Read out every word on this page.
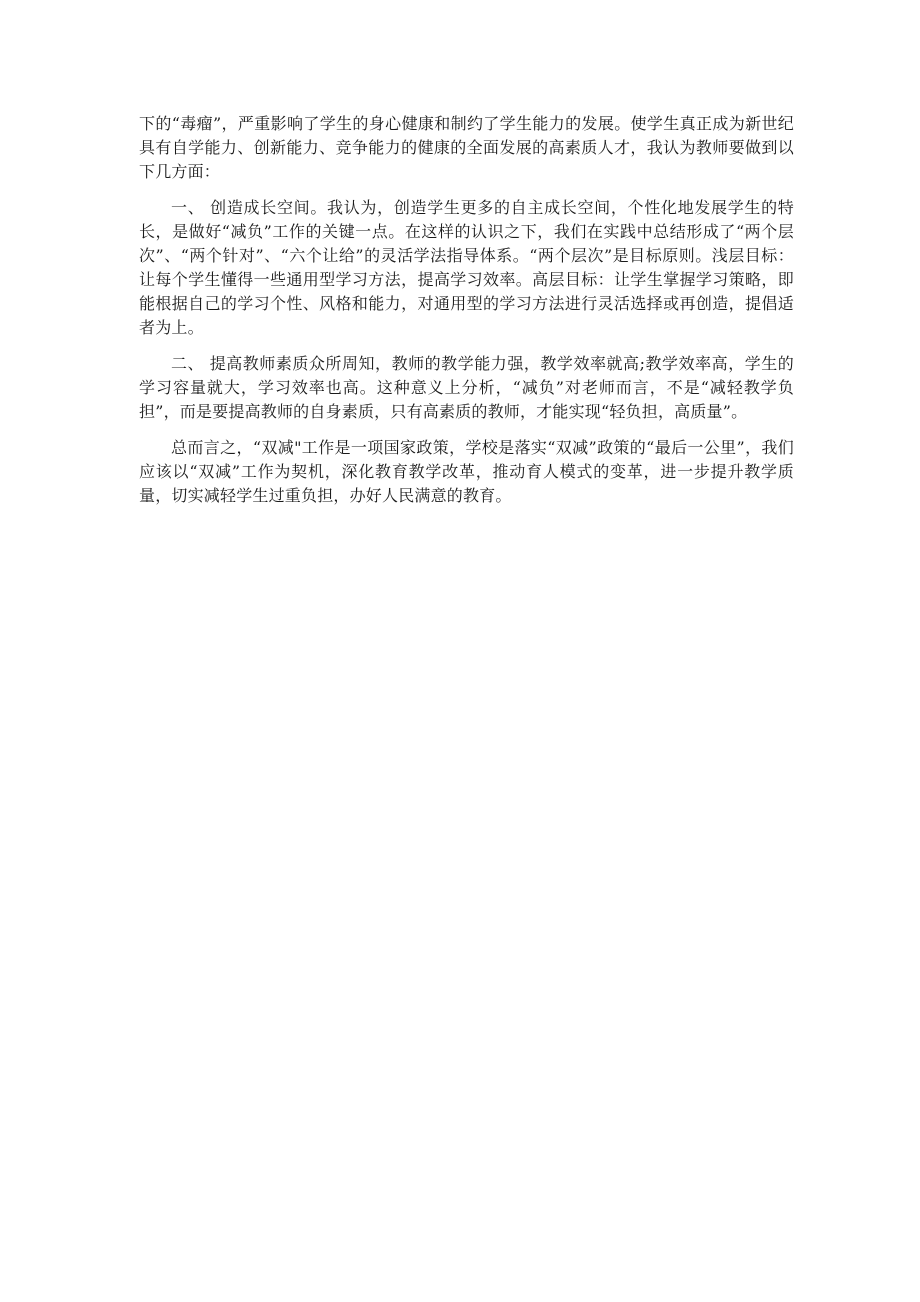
下的“毒瘤”，严重影响了学生的身心健康和制约了学生能力的发展。使学生真正成为新世纪具有自学能力、创新能力、竞争能力的健康的全面发展的高素质人才，我认为教师要做到以下几方面：

一、 创造成长空间。我认为，创造学生更多的自主成长空间，个性化地发展学生的特长，是做好“减负”工作的关键一点。在这样的认识之下，我们在实践中总结形成了“两个层次”、“两个针对”、“六个让给”的灵活学法指导体系。“两个层次”是目标原则。浅层目标：让每个学生懂得一些通用型学习方法，提高学习效率。高层目标：让学生掌握学习策略，即能根据自己的学习个性、风格和能力，对通用型的学习方法进行灵活选择或再创造，提倡适者为上。

二、 提高教师素质众所周知，教师的教学能力强，教学效率就高;教学效率高，学生的学习容量就大，学习效率也高。这种意义上分析，“减负”对老师而言，不是“减轻教学负担”，而是要提高教师的自身素质，只有高素质的教师，才能实现“轻负担，高质量”。

总而言之，“双减"工作是一项国家政策，学校是落实“双减”政策的“最后一公里”，我们应该以“双减”工作为契机，深化教育教学改革，推动育人模式的变革，进一步提升教学质量，切实减轻学生过重负担，办好人民满意的教育。
